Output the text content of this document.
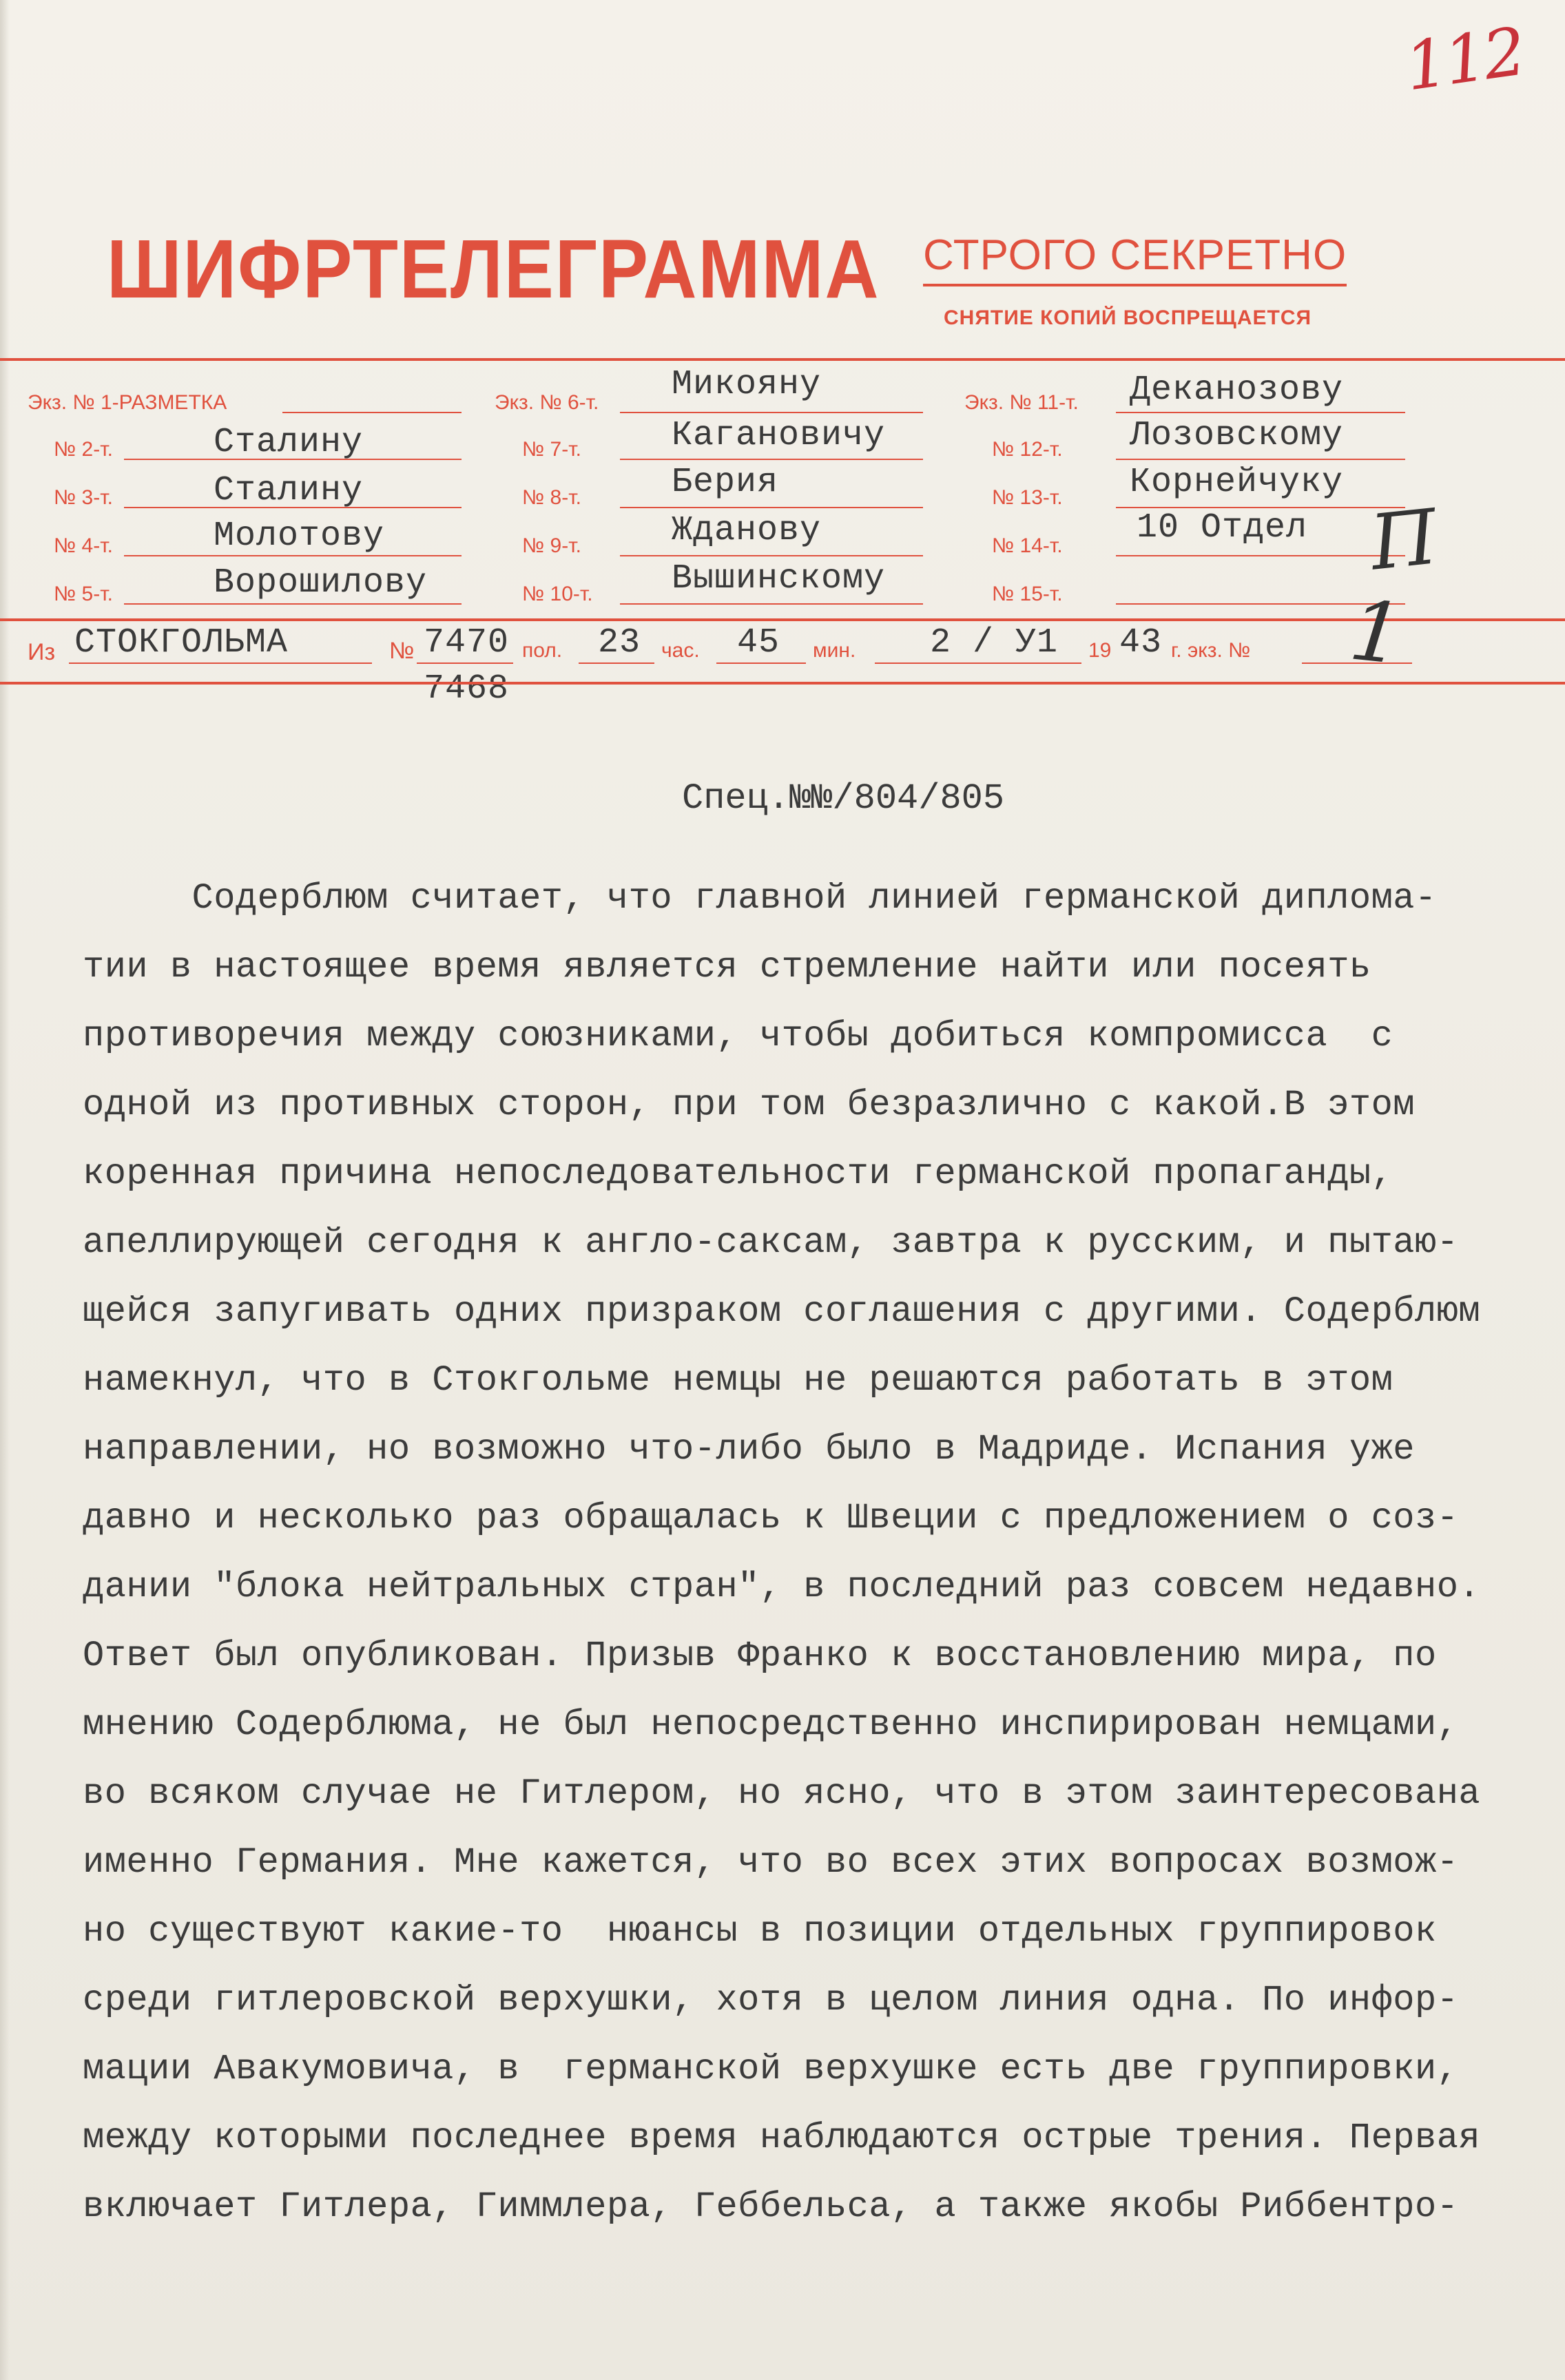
112
ШИФРТЕЛЕГРАММА СТРОГО СЕКРЕТНО
СНЯТИЕ КОПИЙ ВОСПРЕЩАЕТСЯ
Экз. № 1-РАЗМЕТКА
№ 2-т.	Сталину
№ 3-т.	Сталину
№ 4-т.	Молотову
№ 5-т.	Ворошилову
Экз. № 6-т. Микояну
№ 7-т.	Кагановичу
№ 8-т.	Берия
№ 9-т.	Жданову
№ 10-т. Вышинскому
Экз. № 11-т. Деканозову
№ 12-т. Лозовскому
№ 13-т. Корнейчуку
№ 14-т. 10 Отдел
№ 15-т.
П
Из СТОКГОЛЬМА	№ 7470
7468
пол. 23 час. 45 мин. 2 / У1 19 43 г. экз. № 1
Спец.№№/804/805
Содерблюм считает, что главной линией германской диплома-
тии в настоящее время является стремление найти или посеять
противоречия между союзниками, чтобы добиться компромисса  с
одной из противных сторон, при том безразлично с какой.В этом
коренная причина непоследовательности германской пропаганды,
апеллирующей сегодня к англо-саксам, завтра к русским, и пытаю-
щейся запугивать одних призраком соглашения с другими. Содерблюм
намекнул, что в Стокгольме немцы не решаются работать в этом
направлении, но возможно что-либо было в Мадриде. Испания уже
давно и несколько раз обращалась к Швеции с предложением о соз-
дании "блока нейтральных стран", в последний раз совсем недавно.
Ответ был опубликован. Призыв Франко к восстановлению мира, по
мнению Содерблюма, не был непосредственно инспирирован немцами,
во всяком случае не Гитлером, но ясно, что в этом заинтересована
именно Германия. Мне кажется, что во всех этих вопросах возмож-
но существуют какие-то  нюансы в позиции отдельных группировок
среди гитлеровской верхушки, хотя в целом линия одна. По инфор-
мации Авакумовича, в  германской верхушке есть две группировки,
между которыми последнее время наблюдаются острые трения. Первая
включает Гитлера, Гиммлера, Геббельса, а также якобы Риббентро-
